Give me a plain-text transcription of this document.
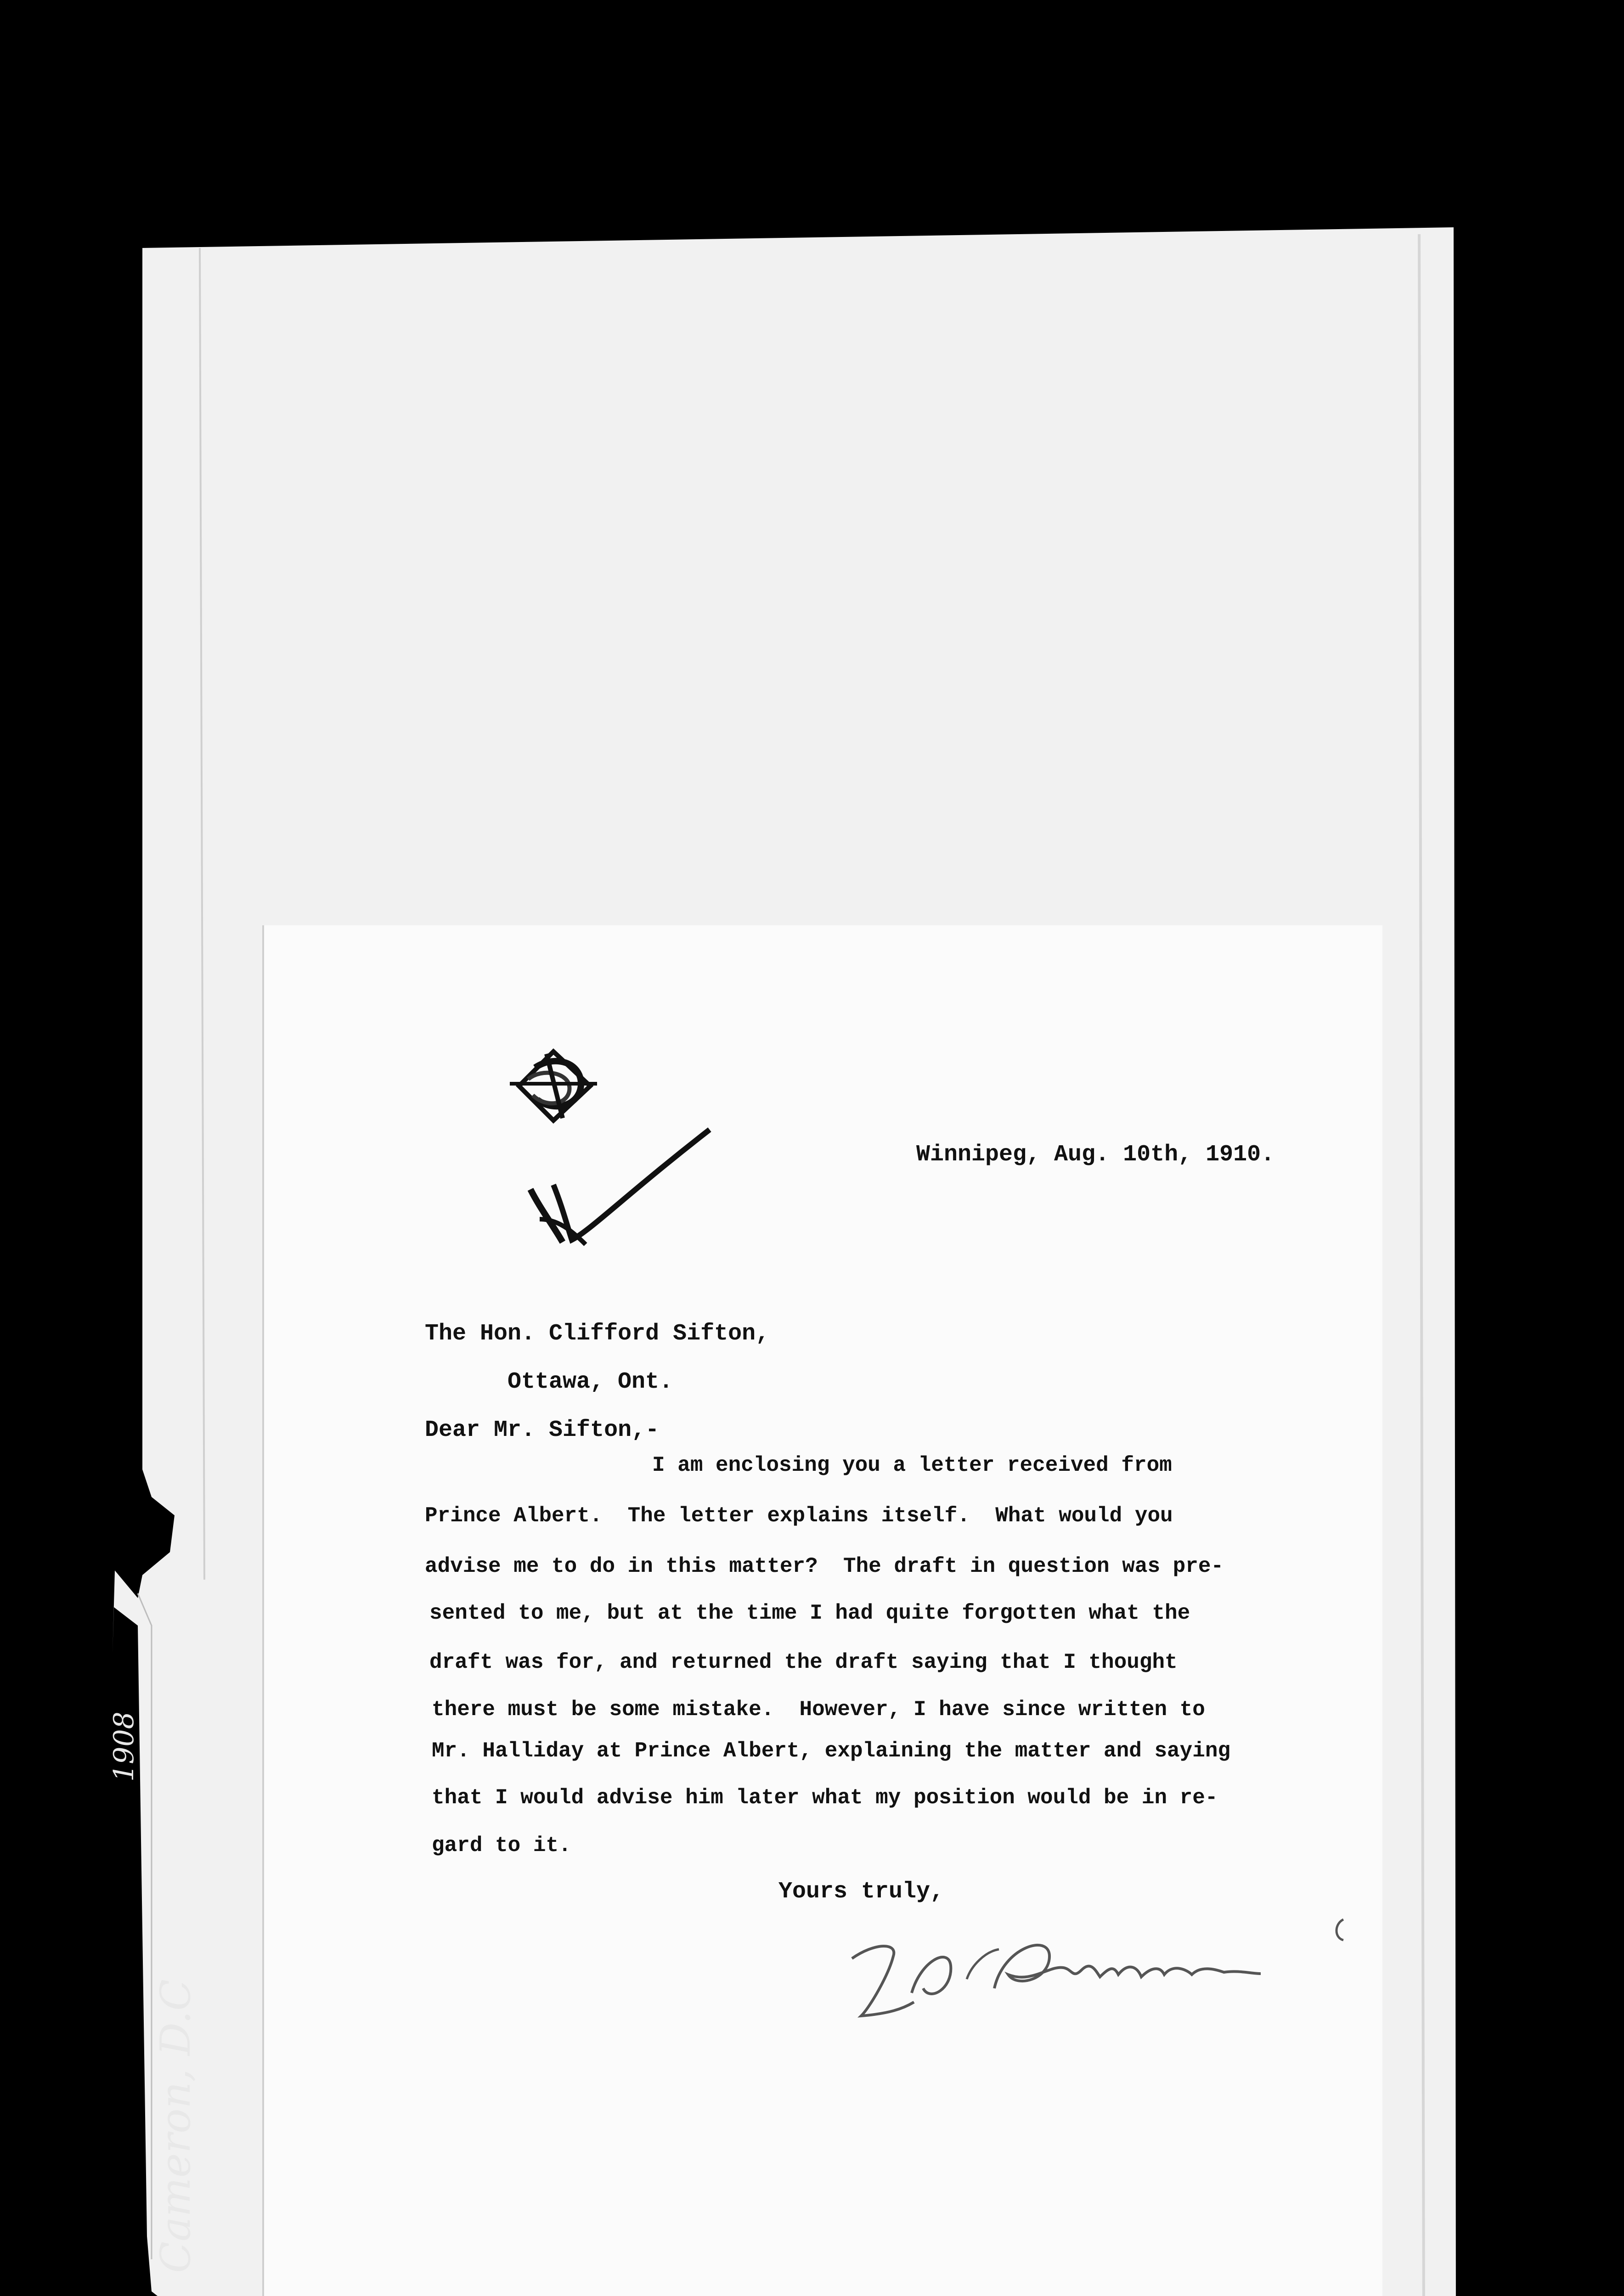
Winnipeg, Aug. 10th, 1910.
The Hon. Clifford Sifton,
Ottawa, Ont.
Dear Mr. Sifton,-
I am enclosing you a letter received from
Prince Albert.  The letter explains itself.  What would you
advise me to do in this matter?  The draft in question was pre-
sented to me, but at the time I had quite forgotten what the
draft was for, and returned the draft saying that I thought
there must be some mistake.  However, I have since written to
Mr. Halliday at Prince Albert, explaining the matter and saying
that I would advise him later what my position would be in re-
gard to it.
Yours truly,
1908
Cameron, D.C
